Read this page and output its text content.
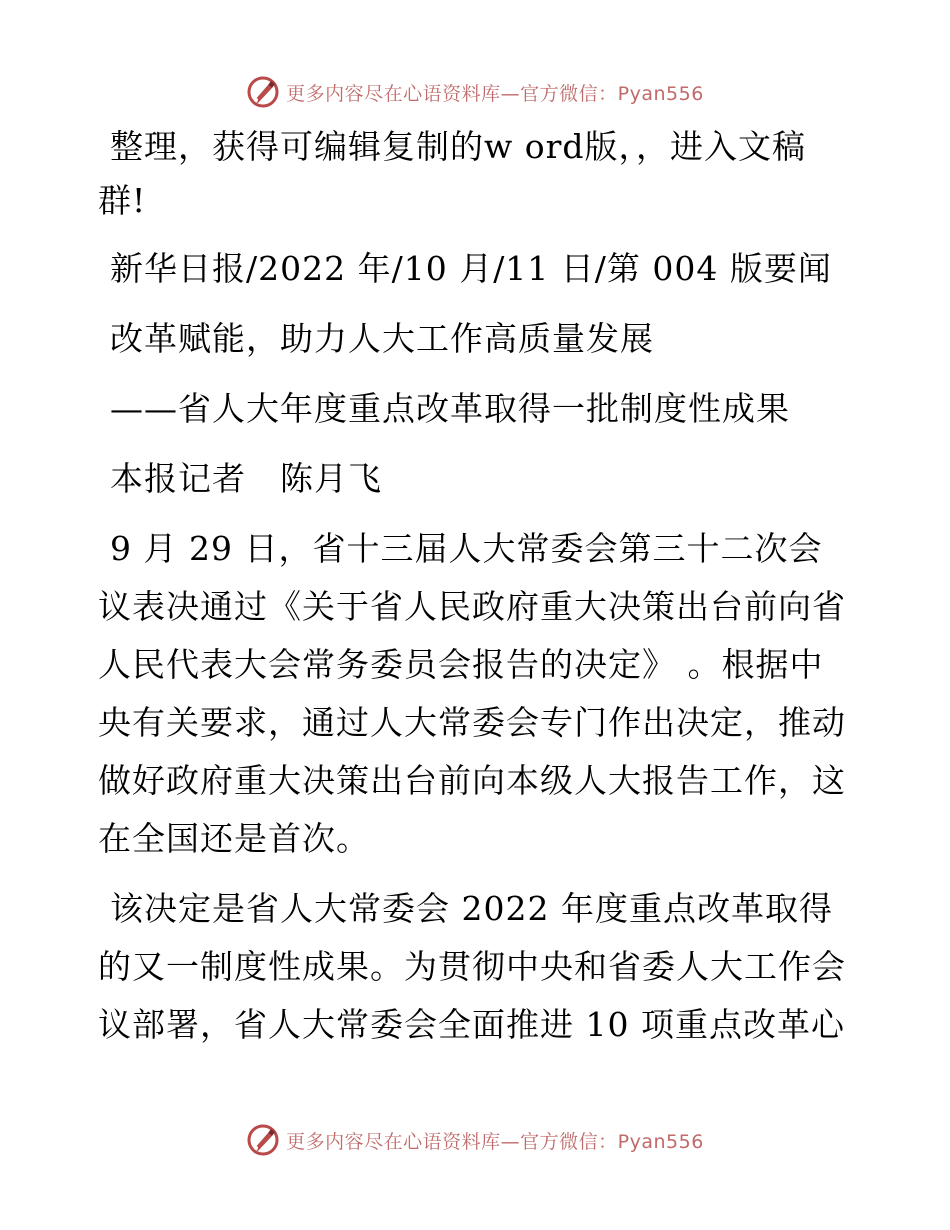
更多内容尽在心语资料库—官方微信：Pyan556

整理，获得可编辑复制的w ord版，，进入文稿群!

新华日报/2022 年/10 月/11 日/第 004 版要闻

改革赋能，助力人大工作高质量发展

——省人大年度重点改革取得一批制度性成果

本报记者　陈月飞

9 月 29 日，省十三届人大常委会第三十二次会议表决通过《关于省人民政府重大决策出台前向省人民代表大会常务委员会报告的决定》 。根据中央有关要求，通过人大常委会专门作出决定，推动做好政府重大决策出台前向本级人大报告工作，这在全国还是首次。

该决定是省人大常委会 2022 年度重点改革取得的又一制度性成果。为贯彻中央和省委人大工作会议部署，省人大常委会全面推进 10 项重点改革心

更多内容尽在心语资料库—官方微信：Pyan556
